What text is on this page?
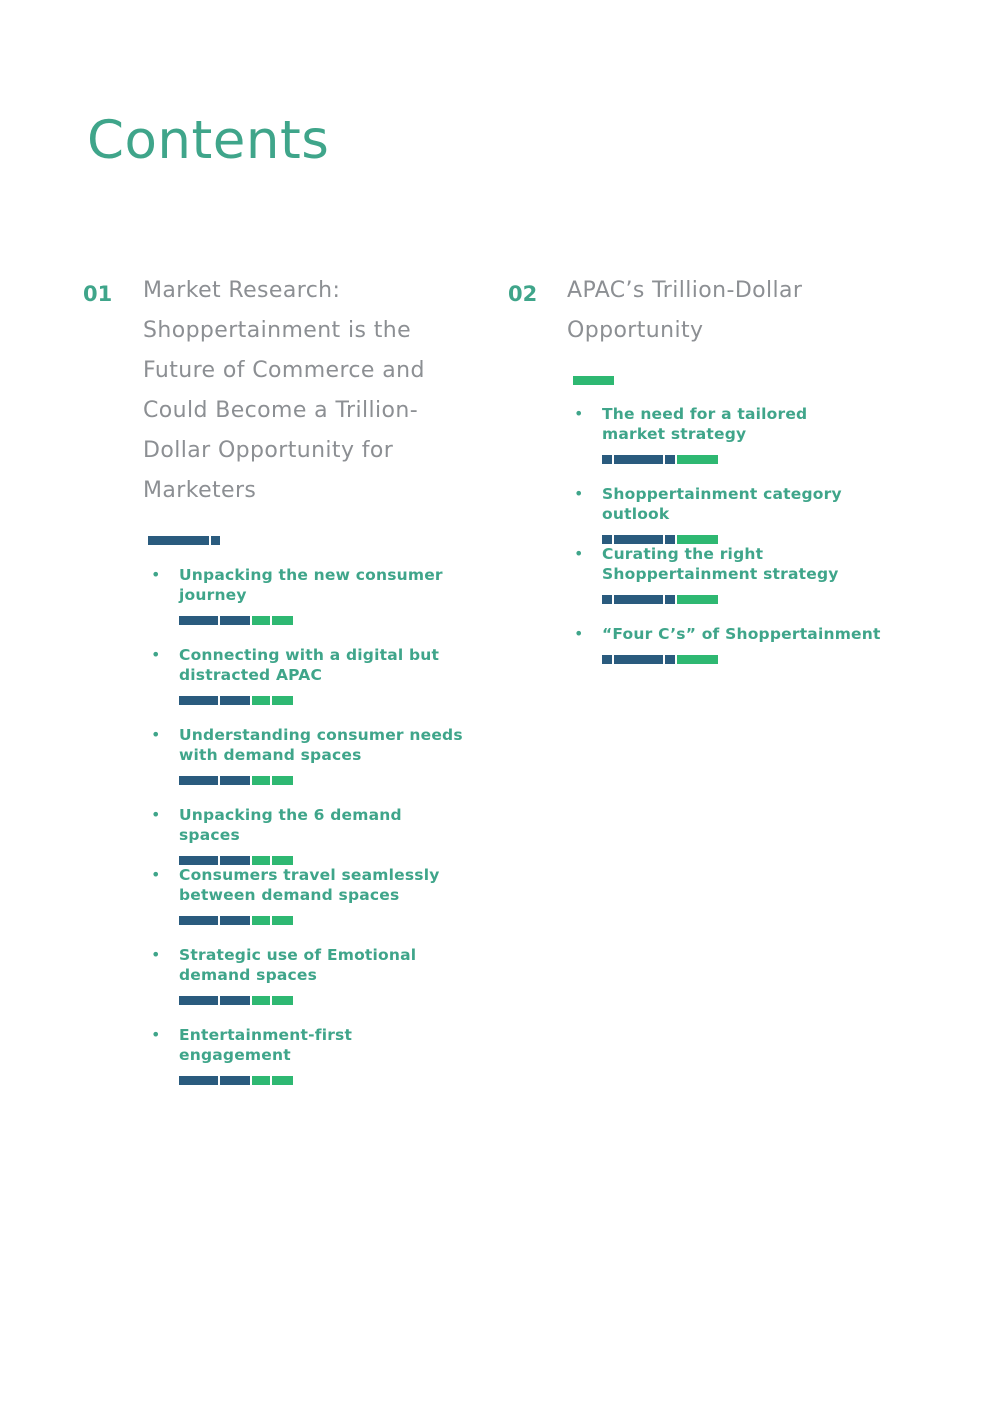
Contents
01 Market Research:
Shoppertainment is the
Future of Commerce and
Could Become a Trillion-
Dollar Opportunity for
Marketers
• Unpacking the new consumer
journey
• Connecting with a digital but
distracted APAC
• Understanding consumer needs
with demand spaces
• Unpacking the 6 demand spaces
• Consumers travel seamlessly
between demand spaces
• Strategic use of Emotional
demand spaces
• Entertainment-first engagement
02 APAC’s Trillion-Dollar
Opportunity
• The need for a tailored
market strategy
• Shoppertainment category outlook
• Curating the right
Shoppertainment strategy
• “Four C’s” of Shoppertainment
